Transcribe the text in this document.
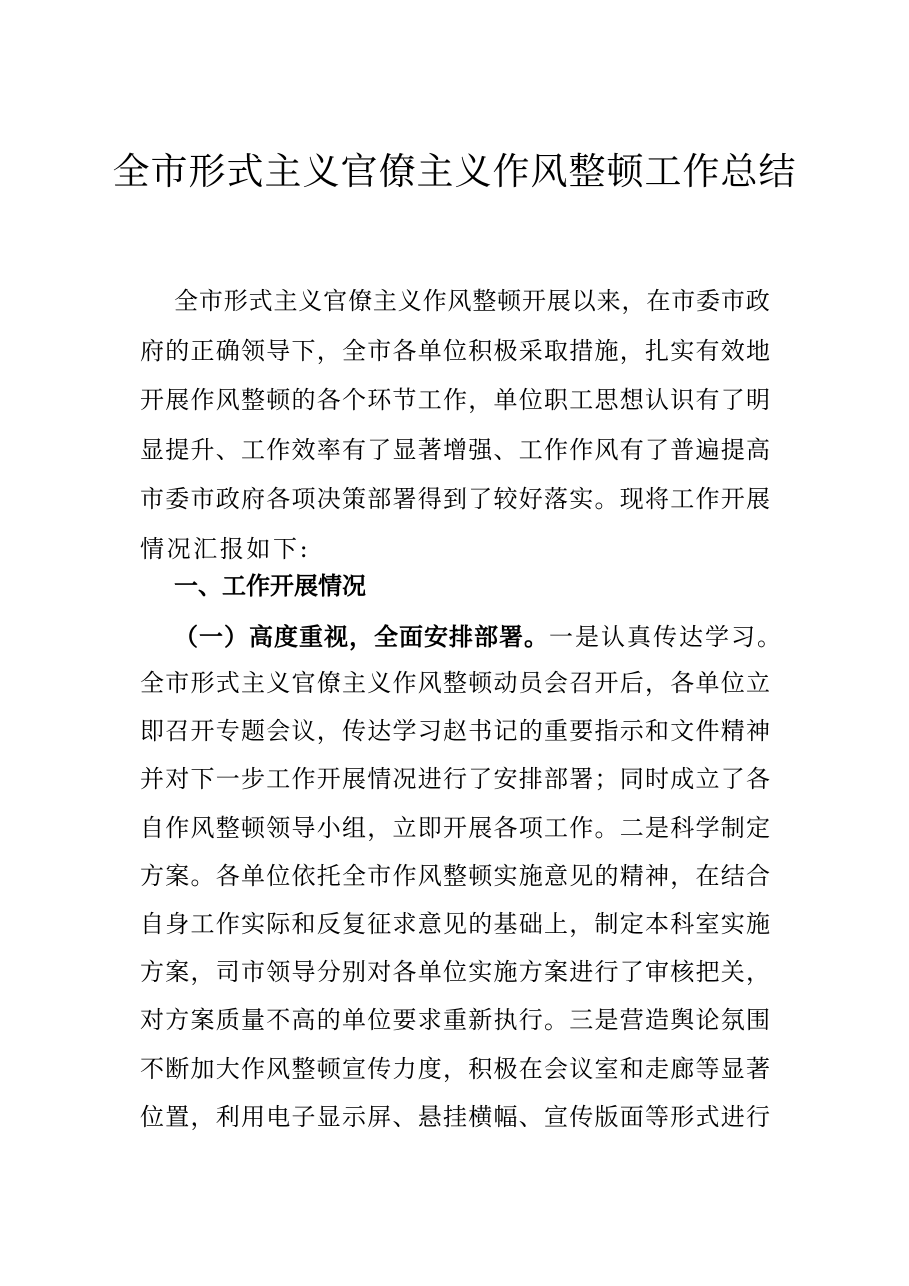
全市形式主义官僚主义作风整顿工作总结
全 市 形 式 主 义 官 僚 主 义 作 风 整 顿 开 展 以 来 ， 在 市 委 市 政
府 的 正 确 领 导 下 ， 全 市 各 单 位 积 极 采 取 措 施 ， 扎 实 有 效 地
开 展 作 风 整 顿 的 各 个 环 节 工 作 ， 单 位 职 工 思 想 认 识 有 了 明
显 提 升 、 工 作 效 率 有 了 显 著 增 强 、 工 作 作 风 有 了 普 遍 提 高
市 委 市 政 府 各 项 决 策 部 署 得 到 了 较 好 落 实 。 现 将 工 作 开 展
情况汇报如下:
一、工作开展情况
（一）高度重视，全面安排部署。 一是认真传达学习。
全 市 形 式 主 义 官 僚 主 义 作 风 整 顿 动 员 会 召 开 后 ， 各 单 位 立
即 召 开 专 题 会 议 ， 传 达 学 习 赵 书 记 的 重 要 指 示 和 文 件 精 神
并 对 下 一 步 工 作 开 展 情 况 进 行 了 安 排 部 署 ； 同 时 成 立 了 各
自 作 风 整 顿 领 导 小 组 ， 立 即 开 展 各 项 工 作 。 二 是 科 学 制 定
方 案 。 各 单 位 依 托 全 市 作 风 整 顿 实 施 意 见 的 精 神 ， 在 结 合
自 身 工 作 实 际 和 反 复 征 求 意 见 的 基 础 上 ， 制 定 本 科 室 实 施
方 案 ， 司 市 领 导 分 别 对 各 单 位 实 施 方 案 进 行 了 审 核 把 关 ，
对 方 案 质 量 不 高 的 单 位 要 求 重 新 执 行 。 三 是 营 造 舆 论 氛 围
不 断 加 大 作 风 整 顿 宣 传 力 度 ， 积 极 在 会 议 室 和 走 廊 等 显 著
位 置 ， 利 用 电 子 显 示 屏 、 悬 挂 横 幅 、 宣 传 版 面 等 形 式 进 行
